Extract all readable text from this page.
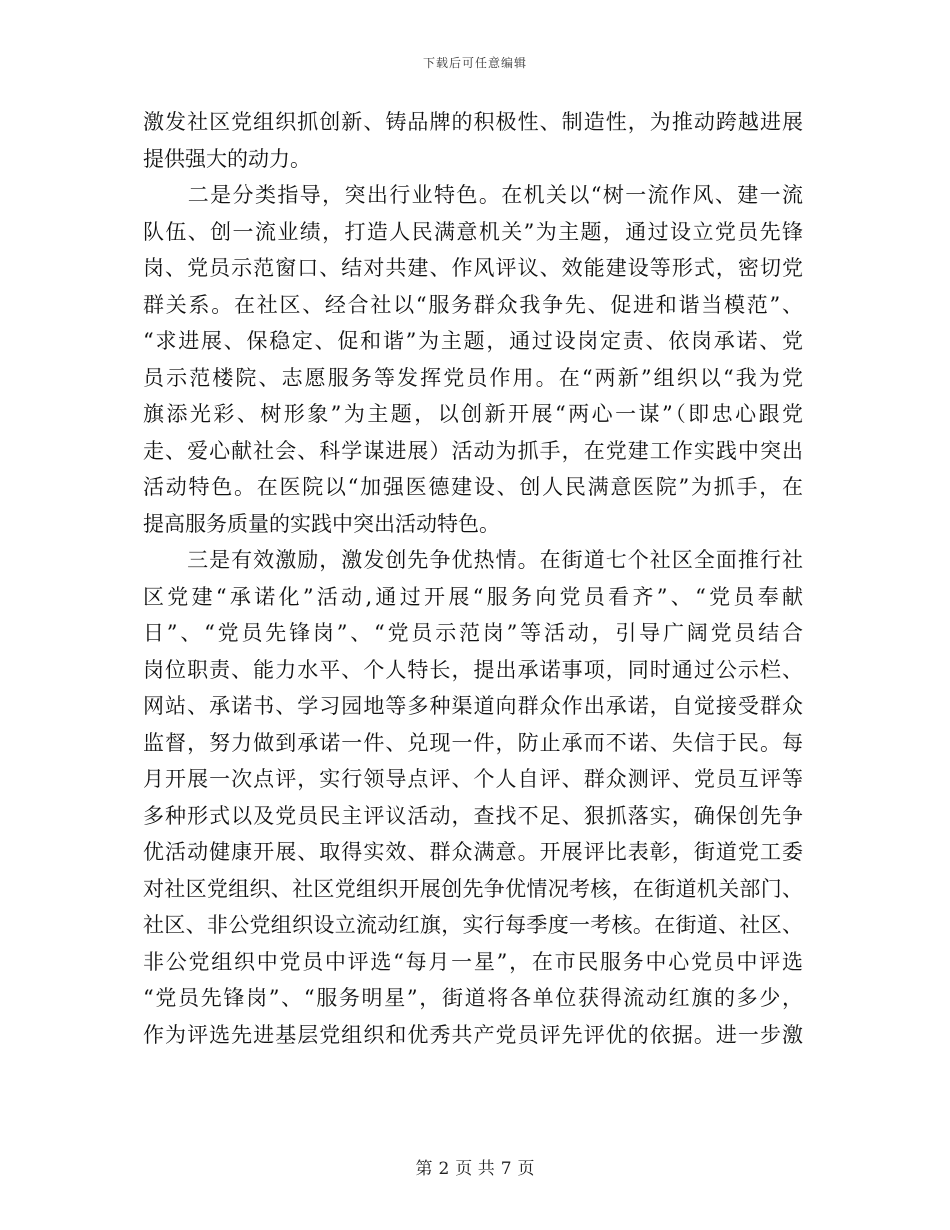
下载后可任意编辑
激发社区党组织抓创新、铸品牌的积极性、制造性，为推动跨越进展
提供强大的动力。
　　二是分类指导，突出行业特色。在机关以“树一流作风、建一流
队伍、创一流业绩，打造人民满意机关”为主题，通过设立党员先锋
岗、党员示范窗口、结对共建、作风评议、效能建设等形式，密切党
群关系。在社区、经合社以“服务群众我争先、促进和谐当模范”、
“求进展、保稳定、促和谐”为主题，通过设岗定责、依岗承诺、党
员示范楼院、志愿服务等发挥党员作用。在“两新”组织以“我为党
旗添光彩、树形象”为主题，以创新开展“两心一谋”（即忠心跟党
走、爱心献社会、科学谋进展）活动为抓手，在党建工作实践中突出
活动特色。在医院以“加强医德建设、创人民满意医院”为抓手，在
提高服务质量的实践中突出活动特色。
　　三是有效激励，激发创先争优热情。在街道七个社区全面推行社
区党建“承诺化”活动,通过开展“服务向党员看齐”、“党员奉献
日”、“党员先锋岗”、“党员示范岗”等活动，引导广阔党员结合
岗位职责、能力水平、个人特长，提出承诺事项，同时通过公示栏、
网站、承诺书、学习园地等多种渠道向群众作出承诺，自觉接受群众
监督，努力做到承诺一件、兑现一件，防止承而不诺、失信于民。每
月开展一次点评，实行领导点评、个人自评、群众测评、党员互评等
多种形式以及党员民主评议活动，查找不足、狠抓落实，确保创先争
优活动健康开展、取得实效、群众满意。开展评比表彰，街道党工委
对社区党组织、社区党组织开展创先争优情况考核，在街道机关部门、
社区、非公党组织设立流动红旗，实行每季度一考核。在街道、社区、
非公党组织中党员中评选“每月一星”，在市民服务中心党员中评选
“党员先锋岗”、“服务明星”，街道将各单位获得流动红旗的多少，
作为评选先进基层党组织和优秀共产党员评先评优的依据。进一步激
第 2 页 共 7 页
